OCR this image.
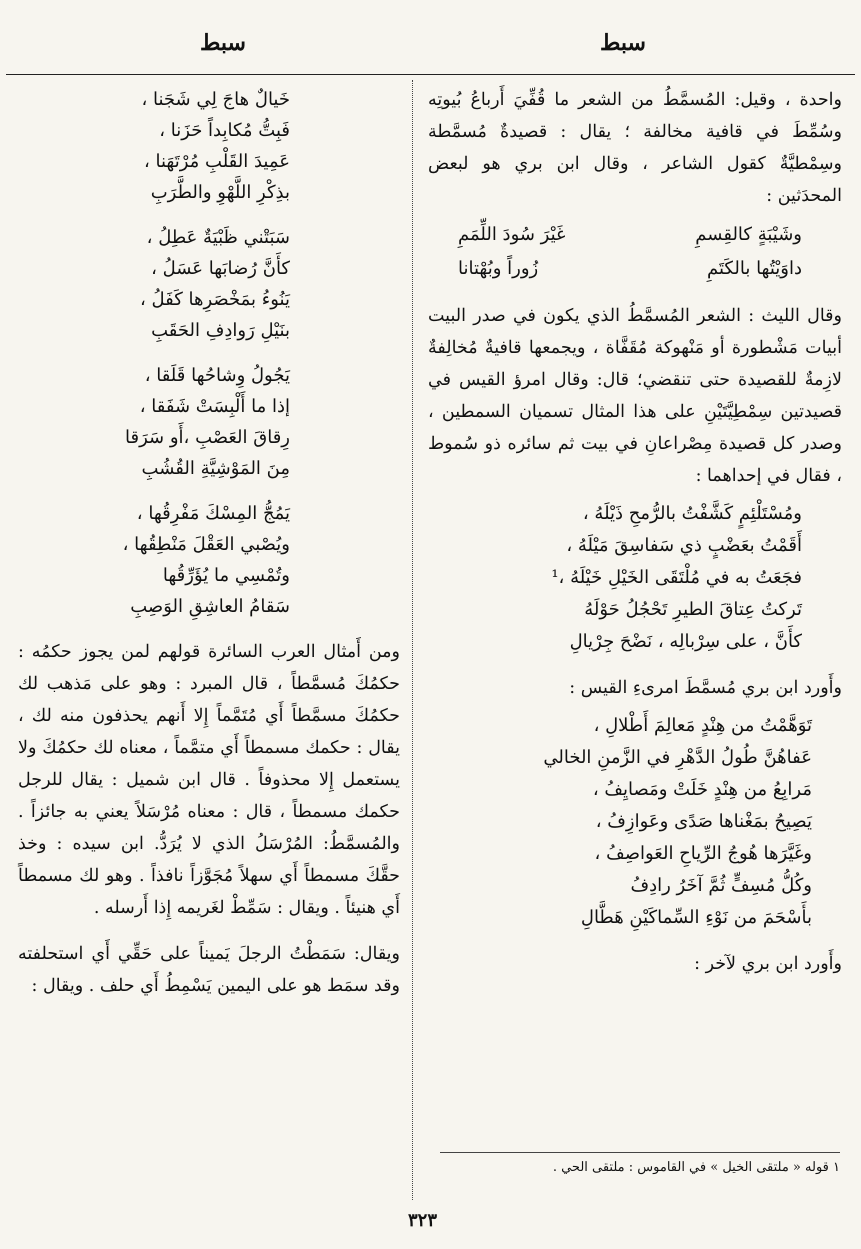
سبط
سبط

واحدة ، وقيل: المُسمَّطُ من الشعر ما قُفِّيَ أَرباعُ بُيوتِه وسُمِّطَ في قافية مخالفة ؛ يقال : قصيدةٌ مُسمَّطة وسِمْطيَّةٌ كقول الشاعر ، وقال ابن بري هو لبعض المحدَثين :

وشَيْبَةٍ كالقِسمِ
غَيْرَ سُودَ اللِّمَمِ
داوَيْتُها بالكَتَمِ
زُوراً وبُهْتانا

وقال الليث : الشعر المُسمَّطُ الذي يكون في صدر البيت أبيات مَشْطورة أو مَنْهوكة مُقَفَّاة ، ويجمعها قافيةٌ مُخالِفةٌ لازِمةٌ للقصيدة حتى تنقضي؛ قال: وقال امرؤ القيس في قصيدتين سِمْطِيَّتَيْنِ على هذا المثال تسميان السمطين ، وصدر كل قصيدة مِصْراعانِ في بيت ثم سائره ذو سُموط ، فقال في إحداهما :

ومُسْتَلْئِمٍ كَشَّفْتُ بالرُّمحِ ذَيْلَهُ ،
أَقَمْتُ بعَضْبٍ ذي سَفاسِقَ مَيْلَهُ ،
فجَعَتُ به في مُلْتَقَى الخَيْلِ خَيْلَهُ ،¹
تَركتُ عِتاقَ الطيرِ تَحْجُلُ حَوْلَهُ
كأَنَّ ، على سِرْبالِه ، نَضْحَ جِرْيالِ

وأَورد ابن بري مُسمَّطَ امرىءِ القيس :

تَوَهَّمْتُ من هِنْدٍ مَعالِمَ أَطْلالِ ،
عَفاهُنَّ طُولُ الدَّهْرِ في الزَّمنِ الخالي
مَرابِعُ من هِنْدٍ خَلَتْ ومَصايِفُ ،
يَصِيحُ بمَغْناها صَدًى وعَوازِفُ ،
وغَيَّرَها هُوجُ الرِّياحِ العَواصِفُ ،
وكُلُّ مُسِفٍّ ثُمَّ آخَرُ رادِفُ
بأَسْحَمَ من نَوْءِ السِّماكَيْنِ هَطَّالِ

وأَورد ابن بري لآخر :

خَيالٌ هاجَ لِي شَجَنا ،
فَبِتُّ مُكابِداً حَزَنا ،
عَمِيدَ القَلْبِ مُرْتَهَنا ،
بذِكْرِ اللَّهْوِ والطَّرَبِ
سَبَتْني ظَبْيَةٌ عَطِلُ ،
كأَنَّ رُضابَها عَسَلُ ،
يَنُوءُ بمَخْصَرِها كَفَلُ ،
بنَيْلِ رَوادِفِ الحَقَبِ
يَجُولُ وِشاحُها قَلَقا ،
إذا ما أَلْبِسَتْ شَفَقا ،
رِقاقَ العَصْبِ ،أَو سَرَقا
مِنَ المَوْشِيَّةِ القُشُبِ
يَمُجُّ المِسْكَ مَفْرِقُها ،
ويُصْبي العَقْلَ مَنْطِقُها ،
وتُمْسِي ما يُؤَرِّقُها
سَقامُ العاشِقِ الوَصِبِ

ومن أَمثال العرب السائرة قولهم لمن يجوز حكمُه : حكمُكَ مُسمَّطاً ، قال المبرد : وهو على مَذهب لك حكمُكَ مسمَّطاً أَي مُتَمَّماً إِلا أَنهم يحذفون منه لك ، يقال : حكمك مسمطاً أَي متمَّماً ، معناه لك حكمُكَ ولا يستعمل إِلا محذوفاً . قال ابن شميل : يقال للرجل حكمك مسمطاً ، قال : معناه مُرْسَلاً يعني به جائزاً . والمُسمَّطُ: المُرْسَلُ الذي لا يُرَدُّ. ابن سيده : وخذ حقَّكَ مسمطاً أَي سهلاً مُجَوَّزاً نافذاً . وهو لك مسمطاً أَي هنيئاً . ويقال : سَمِّطْ لغَريمه إِذا أَرسله .

ويقال: سَمَطْتُ الرجلَ يَميناً على حَقِّي أَي استحلفته وقد سمَط هو على اليمين يَسْمِطُ أَي حلف . ويقال :

١ قوله « ملتقى الخيل » في القاموس : ملتقى الحي .
٣٢٣
